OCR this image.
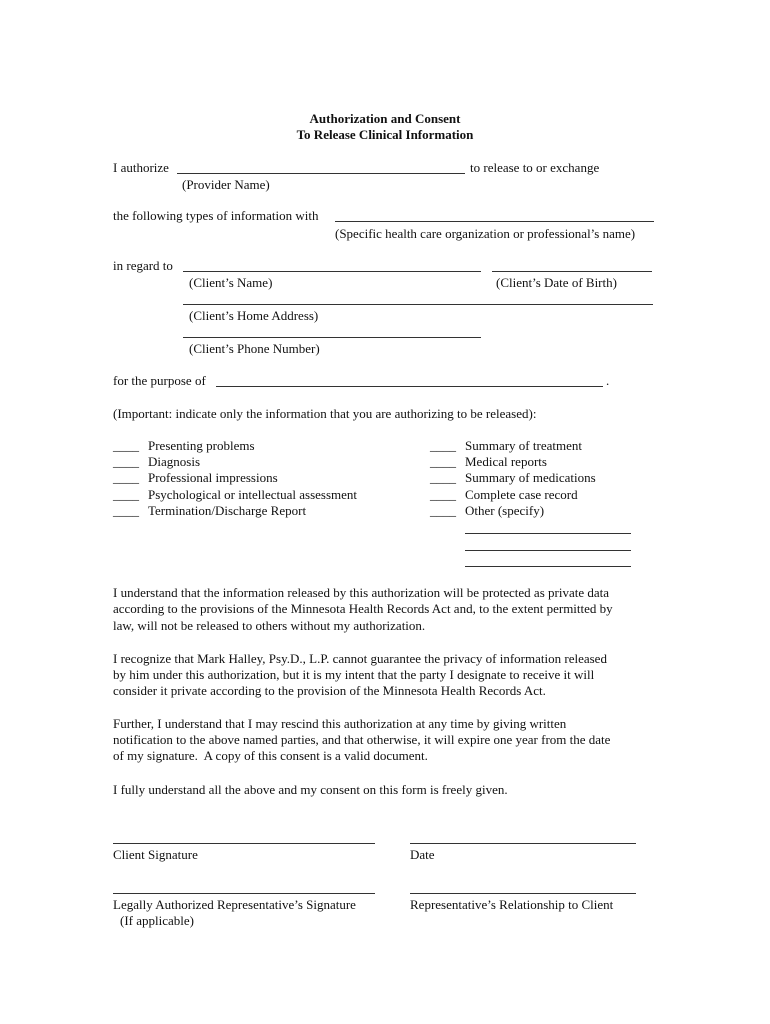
Authorization and Consent
To Release Clinical Information
I authorize	to release to or exchange
(Provider Name)
the following types of information with
(Specific health care organization or professional’s name)
in regard to
(Client’s Name)	(Client’s Date of Birth)
(Client’s Home Address)
(Client’s Phone Number)
for the purpose of	.
(Important: indicate only the information that you are authorizing to be released):
____ Presenting problems
____ Diagnosis
____ Professional impressions
____ Psychological or intellectual assessment
____ Termination/Discharge Report
____ Summary of treatment
____ Medical reports
____ Summary of medications
____ Complete case record
____ Other (specify)
I understand that the information released by this authorization will be protected as private data
according to the provisions of the Minnesota Health Records Act and, to the extent permitted by
law, will not be released to others without my authorization.
I recognize that Mark Halley, Psy.D., L.P. cannot guarantee the privacy of information released
by him under this authorization, but it is my intent that the party I designate to receive it will
consider it private according to the provision of the Minnesota Health Records Act.
Further, I understand that I may rescind this authorization at any time by giving written
notification to the above named parties, and that otherwise, it will expire one year from the date
of my signature.  A copy of this consent is a valid document.
I fully understand all the above and my consent on this form is freely given.
Client Signature	Date
Legally Authorized Representative’s Signature	Representative’s Relationship to Client
(If applicable)
